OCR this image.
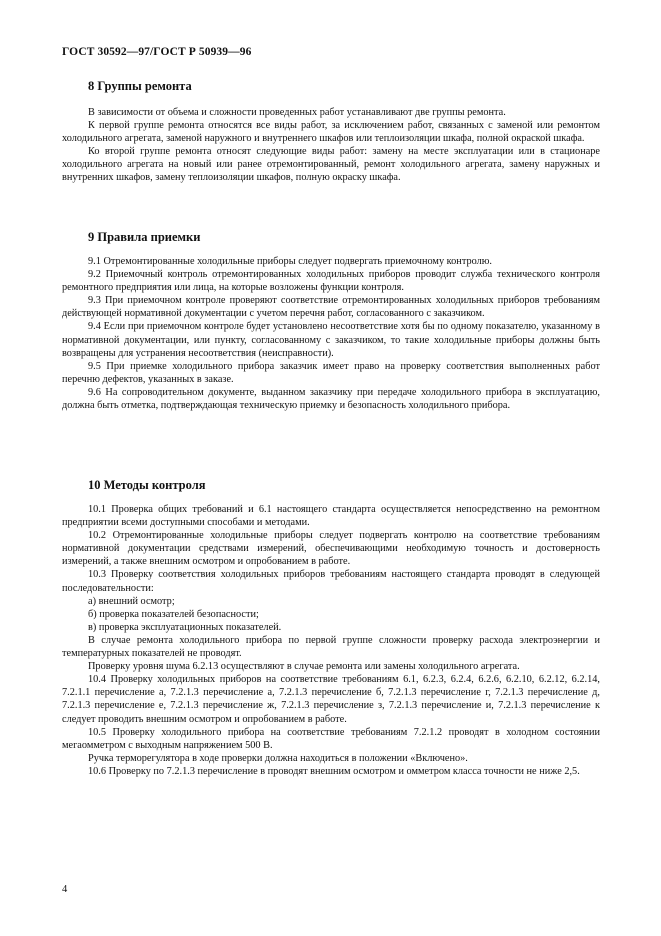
ГОСТ 30592—97/ГОСТ Р 50939—96
8 Группы ремонта

В зависимости от объема и сложности проведенных работ устанавливают две группы ремонта.

К первой группе ремонта относятся все виды работ, за исключением работ, связанных с заменой или ремонтом холодильного агрегата, заменой наружного и внутреннего шкафов или теплоизоляции шкафа, полной окраской шкафа.

Ко второй группе ремонта относят следующие виды работ: замену на месте эксплуатации или в стационаре холодильного агрегата на новый или ранее отремонтированный, ремонт холодильного агрегата, замену наружных и внутренних шкафов, замену теплоизоляции шкафов, полную окраску шкафа.

9 Правила приемки

9.1 Отремонтированные холодильные приборы следует подвергать приемочному контролю.

9.2 Приемочный контроль отремонтированных холодильных приборов проводит служба технического контроля ремонтного предприятия или лица, на которые возложены функции контроля.

9.3 При приемочном контроле проверяют соответствие отремонтированных холодильных приборов требованиям действующей нормативной документации с учетом перечня работ, согласованного с заказчиком.

9.4 Если при приемочном контроле будет установлено несоответствие хотя бы по одному показателю, указанному в нормативной документации, или пункту, согласованному с заказчиком, то такие холодильные приборы должны быть возвращены для устранения несоответствия (неисправности).

9.5 При приемке холодильного прибора заказчик имеет право на проверку соответствия выполненных работ перечню дефектов, указанных в заказе.

9.6 На сопроводительном документе, выданном заказчику при передаче холодильного прибора в эксплуатацию, должна быть отметка, подтверждающая техническую приемку и безопасность холодильного прибора.

10 Методы контроля

10.1 Проверка общих требований и 6.1 настоящего стандарта осуществляется непосредственно на ремонтном предприятии всеми доступными способами и методами.

10.2 Отремонтированные холодильные приборы следует подвергать контролю на соответствие требованиям нормативной документации средствами измерений, обеспечивающими необходимую точность и достоверность измерений, а также внешним осмотром и опробованием в работе.

10.3 Проверку соответствия холодильных приборов требованиям настоящего стандарта проводят в следующей последовательности:

а) внешний осмотр;

б) проверка показателей безопасности;

в) проверка эксплуатационных показателей.

В случае ремонта холодильного прибора по первой группе сложности проверку расхода электроэнергии и температурных показателей не проводят.

Проверку уровня шума 6.2.13 осуществляют в случае ремонта или замены холодильного агрегата.

10.4 Проверку холодильных приборов на соответствие требованиям 6.1, 6.2.3, 6.2.4, 6.2.6, 6.2.10, 6.2.12, 6.2.14, 7.2.1.1 перечисление а, 7.2.1.3 перечисление а, 7.2.1.3 перечисление б, 7.2.1.3 перечисление г, 7.2.1.3 перечисление д, 7.2.1.3 перечисление е, 7.2.1.3 перечисление ж, 7.2.1.3 перечисление з, 7.2.1.3 перечисление и, 7.2.1.3 перечисление к следует проводить внешним осмотром и опробованием в работе.

10.5 Проверку холодильного прибора на соответствие требованиям 7.2.1.2 проводят в холодном состоянии мегаомметром с выходным напряжением 500 В.

Ручка терморегулятора в ходе проверки должна находиться в положении «Включено».

10.6 Проверку по 7.2.1.3 перечисление в проводят внешним осмотром и омметром класса точности не ниже 2,5.

4
